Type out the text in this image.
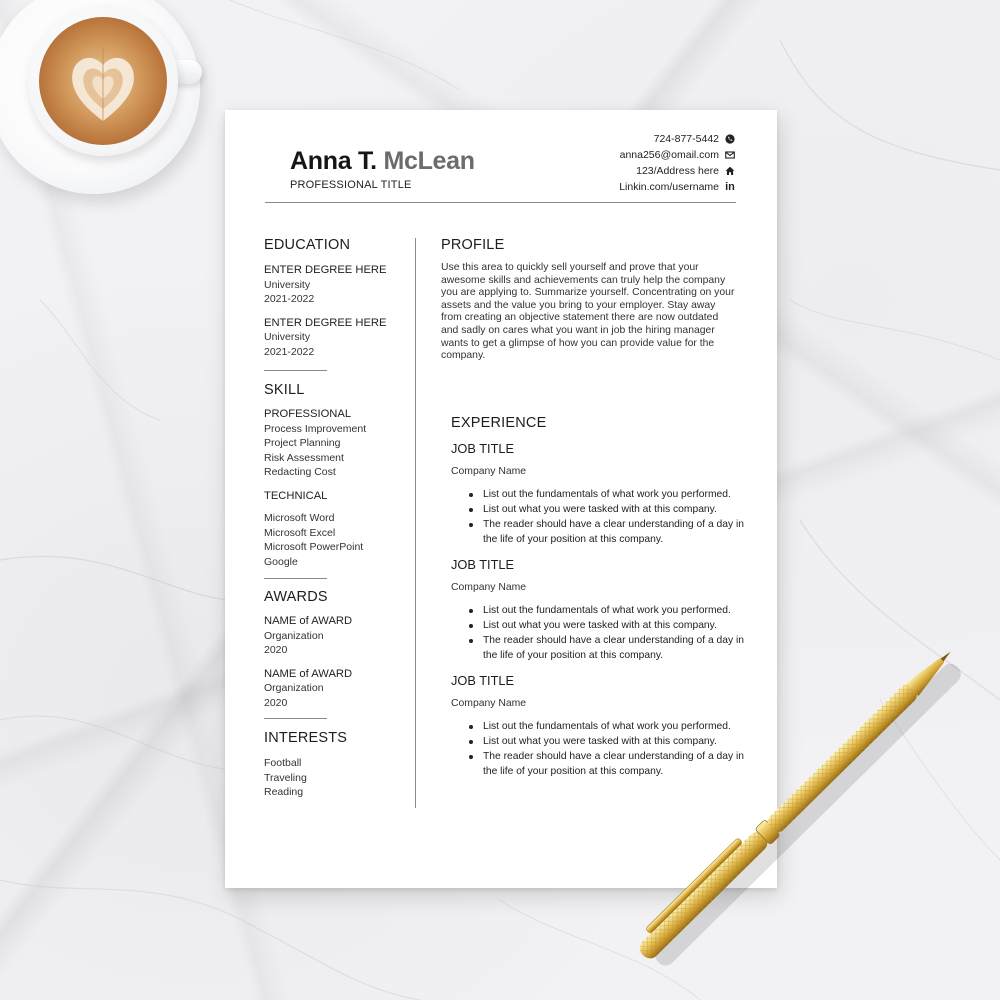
Anna T. McLean
PROFESSIONAL TITLE
724-877-5442
anna256@omail.com
123/Address here
Linkin.com/username in
EDUCATION
ENTER DEGREE HERE
University
2021-2022
ENTER DEGREE HERE
University
2021-2022
SKILL
PROFESSIONAL
Process Improvement
Project Planning
Risk Assessment
Redacting Cost
TECHNICAL
Microsoft Word
Microsoft Excel
Microsoft PowerPoint
Google
AWARDS
NAME of AWARD
Organization
2020
NAME of AWARD
Organization
2020
INTERESTS
Football
Traveling
Reading
PROFILE
Use this area to quickly sell yourself and prove that your awesome skills and achievements can truly help the company you are applying to. Summarize yourself. Concentrating on your assets and the value you bring to your employer. Stay away from creating an objective statement there are now outdated and sadly on cares what you want in job the hiring manager wants to get a glimpse of how you can provide value for the company.
EXPERIENCE
JOB TITLE
Company Name
List out the fundamentals of what work you performed.
List out what you were tasked with at this company.
The reader should have a clear understanding of a day in the life of your position at this company.
JOB TITLE
Company Name
List out the fundamentals of what work you performed.
List out what you were tasked with at this company.
The reader should have a clear understanding of a day in the life of your position at this company.
JOB TITLE
Company Name
List out the fundamentals of what work you performed.
List out what you were tasked with at this company.
The reader should have a clear understanding of a day in the life of your position at this company.
